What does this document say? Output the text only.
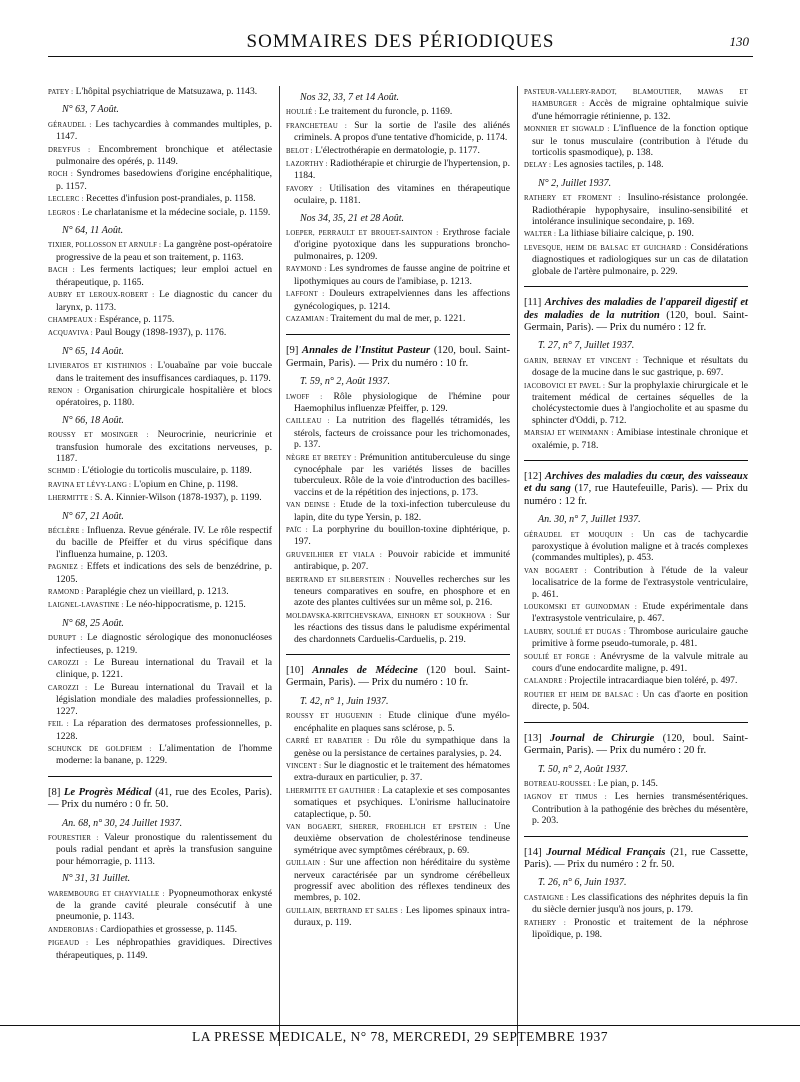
SOMMAIRES DES PÉRIODIQUES	130

PATEY : L'hôpital psychiatrique de Matsuzawa, p. 1143.

N° 63, 7 Août.

GÉRAUDEL : Les tachycardies à commandes multiples, p. 1147.

DREYFUS : Encombrement bronchique et atélectasie pulmonaire des opérés, p. 1149.

ROCH : Syndromes basedowiens d'origine encéphalitique, p. 1157.

LECLERC : Recettes d'infusion post-prandiales, p. 1158.

LEGROS : Le charlatanisme et la médecine sociale, p. 1159.

N° 64, 11 Août.

TIXIER, POLLOSSON ET ARNULF : La gangrène post-opératoire progressive de la peau et son traitement, p. 1163.

BACH : Les ferments lactiques; leur emploi actuel en thérapeutique, p. 1165.

AUBRY ET LEROUX-ROBERT : Le diagnostic du cancer du larynx, p. 1173.

CHAMPEAUX : Espérance, p. 1175.

ACQUAVIVA : Paul Bougy (1898-1937), p. 1176.

N° 65, 14 Août.

LIVIERATOS ET KISTHINIOS : L'ouabaïne par voie buccale dans le traitement des insuffisances cardiaques, p. 1179.

RENON : Organisation chirurgicale hospitalière et blocs opératoires, p. 1180.

N° 66, 18 Août.

ROUSSY ET MOSINGER : Neurocrinie, neuricrinie et transfusion humorale des excitations nerveuses, p. 1187.

SCHMID : L'étiologie du torticolis musculaire, p. 1189.

RAVINA ET LÉVY-LANG : L'opium en Chine, p. 1198.

LHERMITTE : S. A. Kinnier-Wilson (1878-1937), p. 1199.

N° 67, 21 Août.

BÉCLÈRE : Influenza. Revue générale. IV. Le rôle respectif du bacille de Pfeiffer et du virus spécifique dans l'influenza humaine, p. 1203.

PAGNIEZ : Effets et indications des sels de benzédrine, p. 1205.

RAMOND : Paraplégie chez un vieillard, p. 1213.

LAIGNEL-LAVASTINE : Le néo-hippocratisme, p. 1215.

N° 68, 25 Août.

DURUPT : Le diagnostic sérologique des mononucléoses infectieuses, p. 1219.

CAROZZI : Le Bureau international du Travail et la clinique, p. 1221.

CAROZZI : Le Bureau international du Travail et la législation mondiale des maladies professionnelles, p. 1227.

FEIL : La réparation des dermatoses professionnelles, p. 1228.

SCHUNCK DE GOLDFIEM : L'alimentation de l'homme moderne: la banane, p. 1229.

[8] Le Progrès Médical (41, rue des Ecoles, Paris). — Prix du numéro : 0 fr. 50.

An. 68, n° 30, 24 Juillet 1937.

FOURESTIER : Valeur pronostique du ralentissement du pouls radial pendant et après la transfusion sanguine pour hémorragie, p. 1113.

N° 31, 31 Juillet.

WAREMBOURG ET CHAYVIALLE : Pyopneumothorax enkysté de la grande cavité pleurale consécutif à une pneumonie, p. 1143.

ANDEROBIAS : Cardiopathies et grossesse, p. 1145.

PIGEAUD : Les néphropathies gravidiques. Directives thérapeutiques, p. 1149.

Nos 32, 33, 7 et 14 Août.

HOULIÉ : Le traitement du furoncle, p. 1169.

FRANCHETEAU : Sur la sortie de l'asile des aliénés criminels. A propos d'une tentative d'homicide, p. 1174.

BELOT : L'électrothérapie en dermatologie, p. 1177.

LAZORTHY : Radiothérapie et chirurgie de l'hypertension, p. 1184.

FAVORY : Utilisation des vitamines en thérapeutique oculaire, p. 1181.

Nos 34, 35, 21 et 28 Août.

LOEPER, PERRAULT ET BROUET-SAINTON : Erythrose faciale d'origine pyotoxique dans les suppurations broncho-pulmonaires, p. 1209.

RAYMOND : Les syndromes de fausse angine de poitrine et lipothymiques au cours de l'amibiase, p. 1213.

LAFFONT : Douleurs extrapelviennes dans les affections gynécologiques, p. 1214.

CAZAMIAN : Traitement du mal de mer, p. 1221.

[9] Annales de l'Institut Pasteur (120, boul. Saint-Germain, Paris). — Prix du numéro : 10 fr.

T. 59, n° 2, Août 1937.

LWOFF : Rôle physiologique de l'hémine pour Haemophilus influenzæ Pfeiffer, p. 129.

CAILLEAU : La nutrition des flagellés tétramidés, les stérols, facteurs de croissance pour les trichomonades, p. 137.

NÈGRE ET BRETEY : Prémunition antituberculeuse du singe cynocéphale par les variétés lisses de bacilles tuberculeux. Rôle de la voie d'introduction des bacilles-vaccins et de la répétition des injections, p. 173.

VAN DEINSE : Etude de la toxi-infection tuberculeuse du lapin, dite du type Yersin, p. 182.

PAÏC : La porphyrine du bouillon-toxine diphtérique, p. 197.

GRUVEILHIER ET VIALA : Pouvoir rabicide et immunité antirabique, p. 207.

BERTRAND ET SILBERSTEIN : Nouvelles recherches sur les teneurs comparatives en soufre, en phosphore et en azote des plantes cultivées sur un même sol, p. 216.

MOLDAVSKA-KRITCHEVSKAVA, EINHORN ET SOUKHOVA : Sur les réactions des tissus dans le paludisme expérimental des chardonnets Carduelis-Carduelis, p. 219.

[10] Annales de Médecine (120 boul. Saint-Germain, Paris). — Prix du numéro : 10 fr.

T. 42, n° 1, Juin 1937.

ROUSSY ET HUGUENIN : Etude clinique d'une myélo-encéphalite en plaques sans sclérose, p. 5.

CARRÉ ET RABATIER : Du rôle du sympathique dans la genèse ou la persistance de certaines paralysies, p. 24.

VINCENT : Sur le diagnostic et le traitement des hématomes extra-duraux en particulier, p. 37.

LHERMITTE ET GAUTHIER : La cataplexie et ses composantes somatiques et psychiques. L'onirisme hallucinatoire cataplectique, p. 50.

VAN BOGAERT, SHERER, FROEHLICH ET EPSTEIN : Une deuxième observation de cholestérinose tendineuse symétrique avec symptômes cérébraux, p. 69.

GUILLAIN : Sur une affection non héréditaire du système nerveux caractérisée par un syndrome cérébelleux progressif avec abolition des réflexes tendineux des membres, p. 102.

GUILLAIN, BERTRAND ET SALES : Les lipomes spinaux intra-duraux, p. 119.

PASTEUR-VALLERY-RADOT, BLAMOUTIER, MAWAS ET HAMBURGER : Accès de migraine ophtalmique suivie d'une hémorragie rétinienne, p. 132.

MONNIER ET SIGWALD : L'influence de la fonction optique sur le tonus musculaire (contribution à l'étude du torticolis spasmodique), p. 138.

DELAY : Les agnosies tactiles, p. 148.

N° 2, Juillet 1937.

RATHERY ET FROMENT : Insulino-résistance prolongée. Radiothérapie hypophysaire, insulino-sensibilité et intolérance insulinique secondaire, p. 169.

WALTER : La lithiase biliaire calcique, p. 190.

LEVESQUE, HEIM DE BALSAC ET GUICHARD : Considérations diagnostiques et radiologiques sur un cas de dilatation globale de l'artère pulmonaire, p. 229.

[11] Archives des maladies de l'appareil digestif et des maladies de la nutrition (120, boul. Saint-Germain, Paris). — Prix du numéro : 12 fr.

T. 27, n° 7, Juillet 1937.

GARIN, BERNAY ET VINCENT : Technique et résultats du dosage de la mucine dans le suc gastrique, p. 697.

IACOBOVICI ET PAVEL : Sur la prophylaxie chirurgicale et le traitement médical de certaines séquelles de la cholécystectomie dues à l'angiocholite et au spasme du sphincter d'Oddi, p. 712.

MARSIAJ ET WEINMANN : Amibiase intestinale chronique et oxalémie, p. 718.

[12] Archives des maladies du cœur, des vaisseaux et du sang (17, rue Hautefeuille, Paris). — Prix du numéro : 12 fr.

An. 30, n° 7, Juillet 1937.

GÉRAUDEL ET MOUQUIN : Un cas de tachycardie paroxystique à évolution maligne et à tracés complexes (commandes multiples), p. 453.

VAN BOGAERT : Contribution à l'étude de la valeur localisatrice de la forme de l'extrasystole ventriculaire, p. 461.

LOUKOMSKI ET GUINODMAN : Etude expérimentale dans l'extrasystole ventriculaire, p. 467.

LAUBRY, SOULIÉ ET DUGAS : Thrombose auriculaire gauche primitive à forme pseudo-tumorale, p. 481.

SOULIÉ ET FORGE : Anévrysme de la valvule mitrale au cours d'une endocardite maligne, p. 491.

CALANDRE : Projectile intracardiaque bien toléré, p. 497.

ROUTIER ET HEIM DE BALSAC : Un cas d'aorte en position directe, p. 504.

[13] Journal de Chirurgie (120, boul. Saint-Germain, Paris). — Prix du numéro : 20 fr.

T. 50, n° 2, Août 1937.

BOTREAU-ROUSSEL : Le pian, p. 145.

IAGNOV ET TIMUS : Les hernies transmésentériques. Contribution à la pathogénie des brèches du mésentère, p. 203.

[14] Journal Médical Français (21, rue Cassette, Paris). — Prix du numéro : 2 fr. 50.

T. 26, n° 6, Juin 1937.

CASTAIGNE : Les classifications des néphrites depuis la fin du siècle dernier jusqu'à nos jours, p. 179.

RATHERY : Pronostic et traitement de la néphrose lipoïdique, p. 198.

LA PRESSE MEDICALE, N° 78, MERCREDI, 29 SEPTEMBRE 1937
